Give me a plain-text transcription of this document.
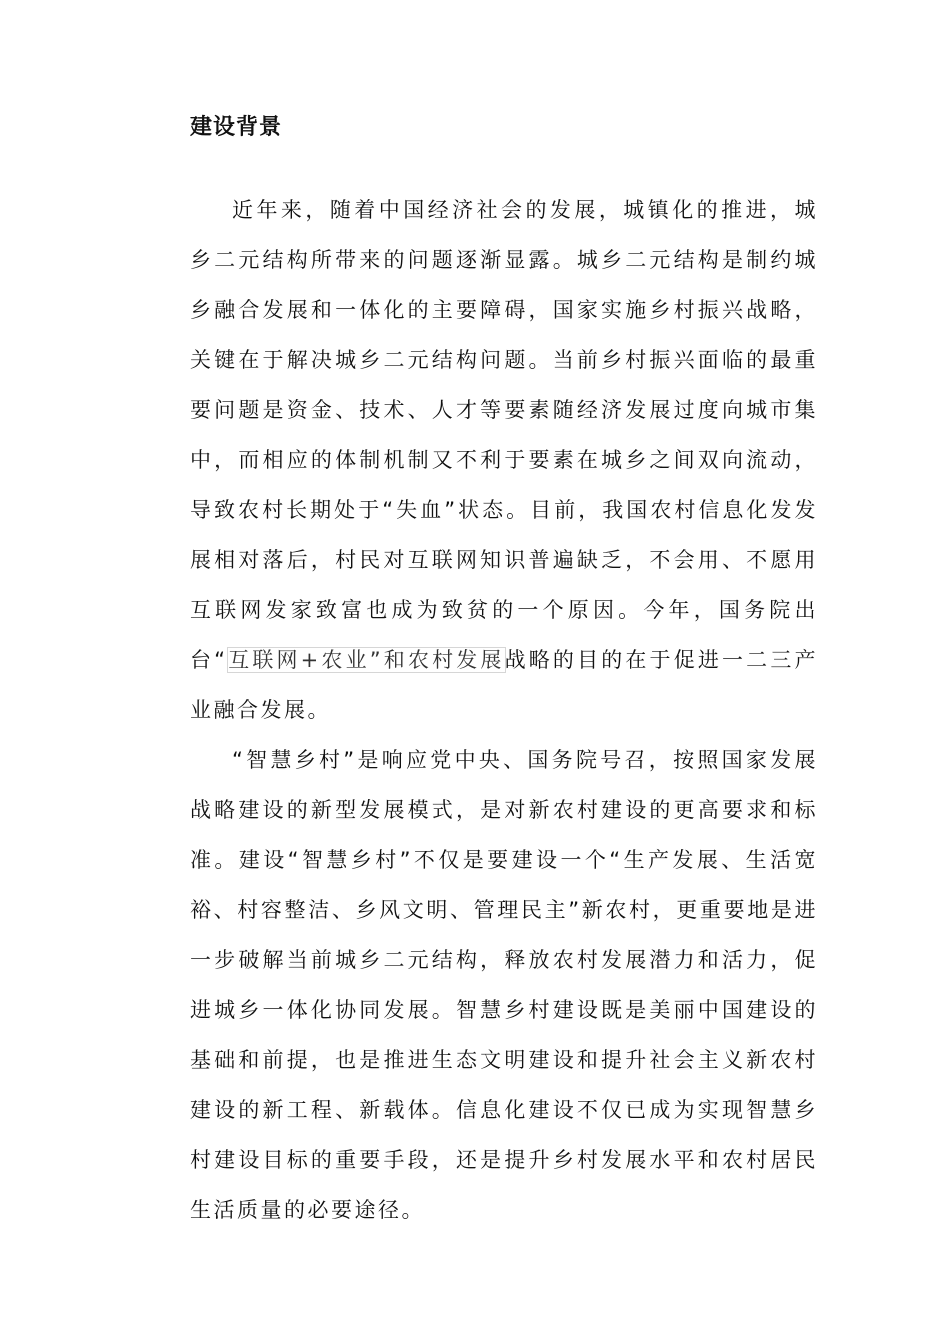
建设背景

近年来，随着中国经济社会的发展，城镇化的推进，城乡二元结构所带来的问题逐渐显露。城乡二元结构是制约城乡融合发展和一体化的主要障碍，国家实施乡村振兴战略，关键在于解决城乡二元结构问题。当前乡村振兴面临的最重要问题是资金、技术、人才等要素随经济发展过度向城市集中，而相应的体制机制又不利于要素在城乡之间双向流动，导致农村长期处于“失血”状态。目前，我国农村信息化发发展相对落后，村民对互联网知识普遍缺乏，不会用、不愿用互联网发家致富也成为致贫的一个原因。今年，国务院出台“互联网+农业”和农村发展战略的目的在于促进一二三产业融合发展。

“智慧乡村”是响应党中央、国务院号召，按照国家发展战略建设的新型发展模式，是对新农村建设的更高要求和标准。建设“智慧乡村”不仅是要建设一个“生产发展、生活宽裕、村容整洁、乡风文明、管理民主”新农村，更重要地是进一步破解当前城乡二元结构，释放农村发展潜力和活力，促进城乡一体化协同发展。智慧乡村建设既是美丽中国建设的基础和前提，也是推进生态文明建设和提升社会主义新农村建设的新工程、新载体。信息化建设不仅已成为实现智慧乡村建设目标的重要手段，还是提升乡村发展水平和农村居民生活质量的必要途径。
